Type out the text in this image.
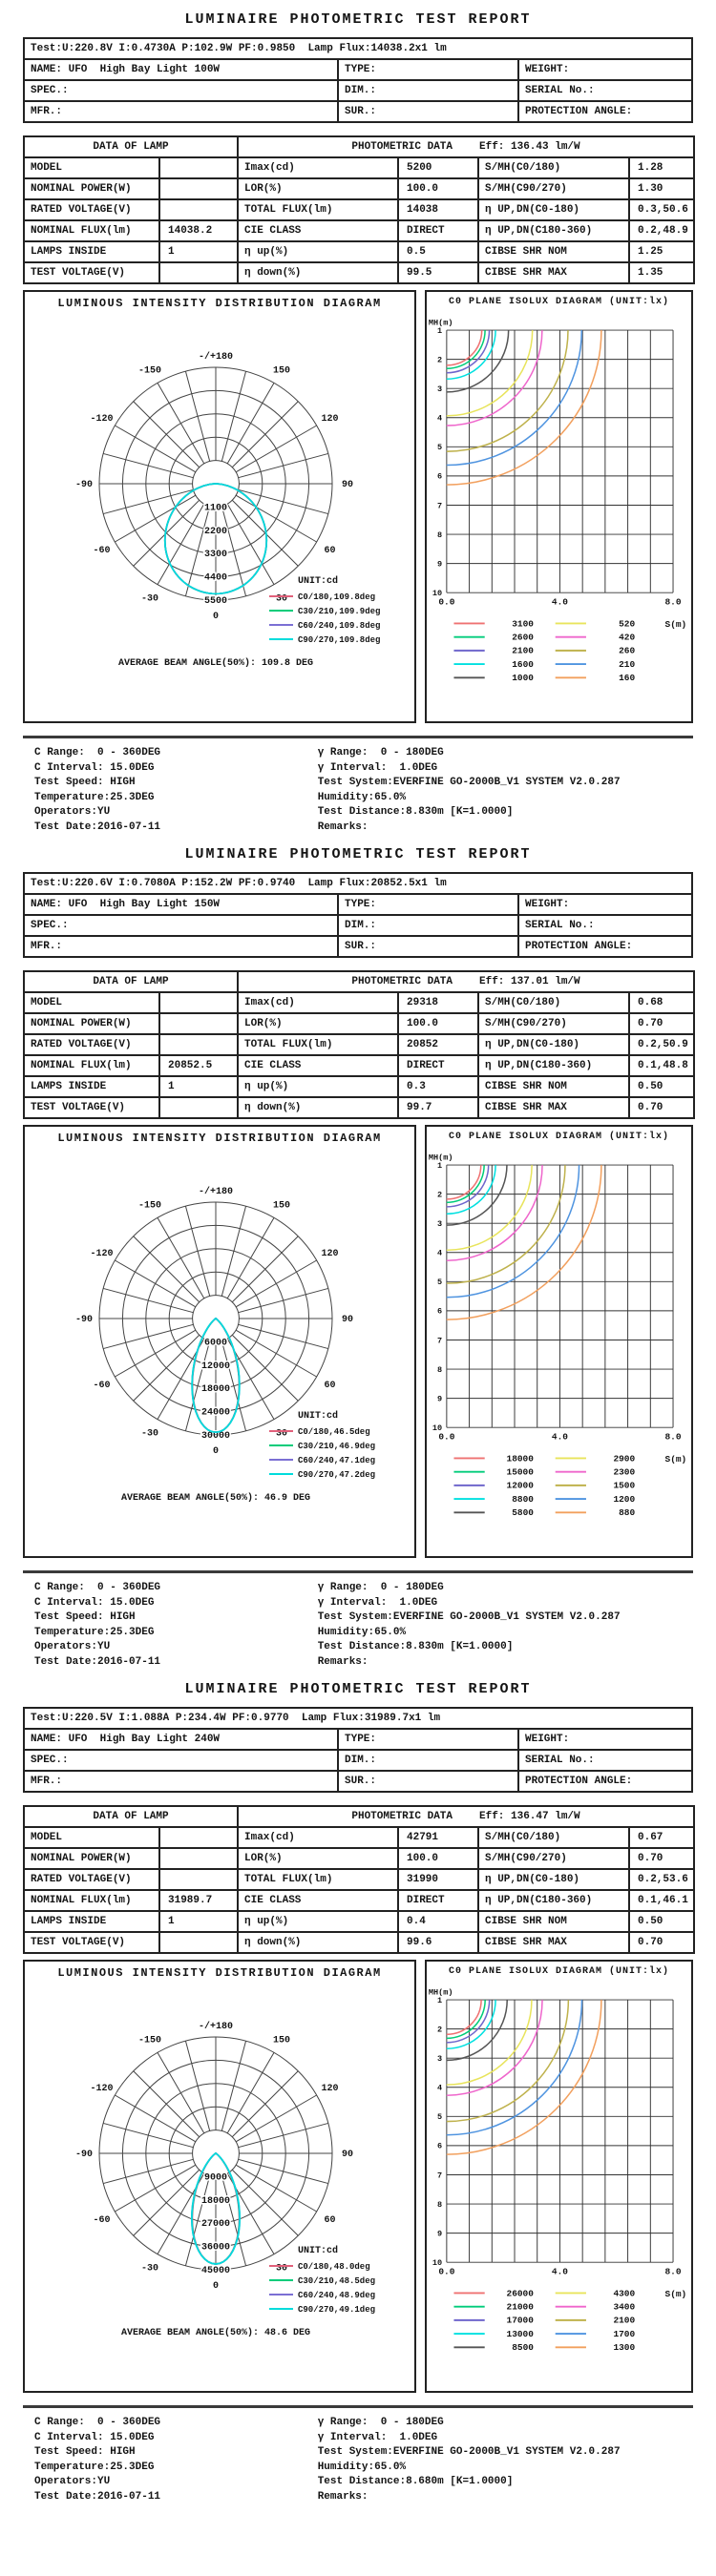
LUMINAIRE PHOTOMETRIC TEST REPORT
Test:U:220.8V I:0.4730A P:102.9W PF:0.9850  Lamp Flux:14038.2x1 lm		
NAME: UFO  High Bay Light 100W	TYPE:	WEIGHT:
SPEC.:	DIM.:	SERIAL No.:
MFR.:	SUR.:	PROTECTION ANGLE:
DATA OF LAMP		PHOTOMETRIC DATA Eff: 136.43 lm/W			
MODEL		Imax(cd)	5200	S/MH(C0/180)	1.28
NOMINAL POWER(W)		LOR(%)	100.0	S/MH(C90/270)	1.30
RATED VOLTAGE(V)		TOTAL FLUX(lm)	14038	η UP,DN(C0-180)	0.3,50.6
NOMINAL FLUX(lm)	14038.2	CIE CLASS	DIRECT	η UP,DN(C180-360)	0.2,48.9
LAMPS INSIDE	1	η up(%)	0.5	CIBSE SHR NOM	1.25
TEST VOLTAGE(V)		η down(%)	99.5	CIBSE SHR MAX	1.35
LUMINOUS INTENSITY DISTRIBUTION DIAGRAM
0
30
60
90
120
150
-30
-60
-90
-120
-150
-/+180
1100
2200
3300
4400
5500
UNIT:cd
C0/180,109.8deg
C30/210,109.9deg
C60/240,109.8deg
C90/270,109.8deg
AVERAGE BEAM ANGLE(50%): 109.8 DEG
C0 PLANE ISOLUX DIAGRAM (UNIT:lx)
MH(m)
1
2
3
4
5
6
7
8
9
10
0.0	4.0	8.0
S(m)
3100
2600
2100
1600
1000
520
420
260
210
160
C Range:  0 - 360DEG
C Interval: 15.0DEG
Test Speed: HIGH
Temperature:25.3DEG
Operators:YU
Test Date:2016-07-11
γ Range:  0 - 180DEG
γ Interval:  1.0DEG
Test System:EVERFINE GO-2000B_V1 SYSTEM V2.0.287
Humidity:65.0%
Test Distance:8.830m [K=1.0000]
Remarks:
LUMINAIRE PHOTOMETRIC TEST REPORT
Test:U:220.6V I:0.7080A P:152.2W PF:0.9740  Lamp Flux:20852.5x1 lm		
NAME: UFO  High Bay Light 150W	TYPE:	WEIGHT:
SPEC.:	DIM.:	SERIAL No.:
MFR.:	SUR.:	PROTECTION ANGLE:
DATA OF LAMP		PHOTOMETRIC DATA Eff: 137.01 lm/W			
MODEL		Imax(cd)	29318	S/MH(C0/180)	0.68
NOMINAL POWER(W)		LOR(%)	100.0	S/MH(C90/270)	0.70
RATED VOLTAGE(V)		TOTAL FLUX(lm)	20852	η UP,DN(C0-180)	0.2,50.9
NOMINAL FLUX(lm)	20852.5	CIE CLASS	DIRECT	η UP,DN(C180-360)	0.1,48.8
LAMPS INSIDE	1	η up(%)	0.3	CIBSE SHR NOM	0.50
TEST VOLTAGE(V)		η down(%)	99.7	CIBSE SHR MAX	0.70
LUMINOUS INTENSITY DISTRIBUTION DIAGRAM
0
30
60
90
120
150
-30
-60
-90
-120
-150
-/+180
6000
12000
18000
24000
30000
UNIT:cd
C0/180,46.5deg
C30/210,46.9deg
C60/240,47.1deg
C90/270,47.2deg
AVERAGE BEAM ANGLE(50%): 46.9 DEG
C0 PLANE ISOLUX DIAGRAM (UNIT:lx)
MH(m)
1
2
3
4
5
6
7
8
9
10
0.0	4.0	8.0
S(m)
18000
15000
12000
8800
5800
2900
2300
1500
1200
880
C Range:  0 - 360DEG
C Interval: 15.0DEG
Test Speed: HIGH
Temperature:25.3DEG
Operators:YU
Test Date:2016-07-11
γ Range:  0 - 180DEG
γ Interval:  1.0DEG
Test System:EVERFINE GO-2000B_V1 SYSTEM V2.0.287
Humidity:65.0%
Test Distance:8.830m [K=1.0000]
Remarks:
LUMINAIRE PHOTOMETRIC TEST REPORT
Test:U:220.5V I:1.088A P:234.4W PF:0.9770  Lamp Flux:31989.7x1 lm		
NAME: UFO  High Bay Light 240W	TYPE:	WEIGHT:
SPEC.:	DIM.:	SERIAL No.:
MFR.:	SUR.:	PROTECTION ANGLE:
DATA OF LAMP		PHOTOMETRIC DATA Eff: 136.47 lm/W			
MODEL		Imax(cd)	42791	S/MH(C0/180)	0.67
NOMINAL POWER(W)		LOR(%)	100.0	S/MH(C90/270)	0.70
RATED VOLTAGE(V)		TOTAL FLUX(lm)	31990	η UP,DN(C0-180)	0.2,53.6
NOMINAL FLUX(lm)	31989.7	CIE CLASS	DIRECT	η UP,DN(C180-360)	0.1,46.1
LAMPS INSIDE	1	η up(%)	0.4	CIBSE SHR NOM	0.50
TEST VOLTAGE(V)		η down(%)	99.6	CIBSE SHR MAX	0.70
LUMINOUS INTENSITY DISTRIBUTION DIAGRAM
0
30
60
90
120
150
-30
-60
-90
-120
-150
-/+180
9000
18000
27000
36000
45000
UNIT:cd
C0/180,48.0deg
C30/210,48.5deg
C60/240,48.9deg
C90/270,49.1deg
AVERAGE BEAM ANGLE(50%): 48.6 DEG
C0 PLANE ISOLUX DIAGRAM (UNIT:lx)
MH(m)
1
2
3
4
5
6
7
8
9
10
0.0	4.0	8.0
S(m)
26000
21000
17000
13000
8500
4300
3400
2100
1700
1300
C Range:  0 - 360DEG
C Interval: 15.0DEG
Test Speed: HIGH
Temperature:25.3DEG
Operators:YU
Test Date:2016-07-11
γ Range:  0 - 180DEG
γ Interval:  1.0DEG
Test System:EVERFINE GO-2000B_V1 SYSTEM V2.0.287
Humidity:65.0%
Test Distance:8.680m [K=1.0000]
Remarks:
